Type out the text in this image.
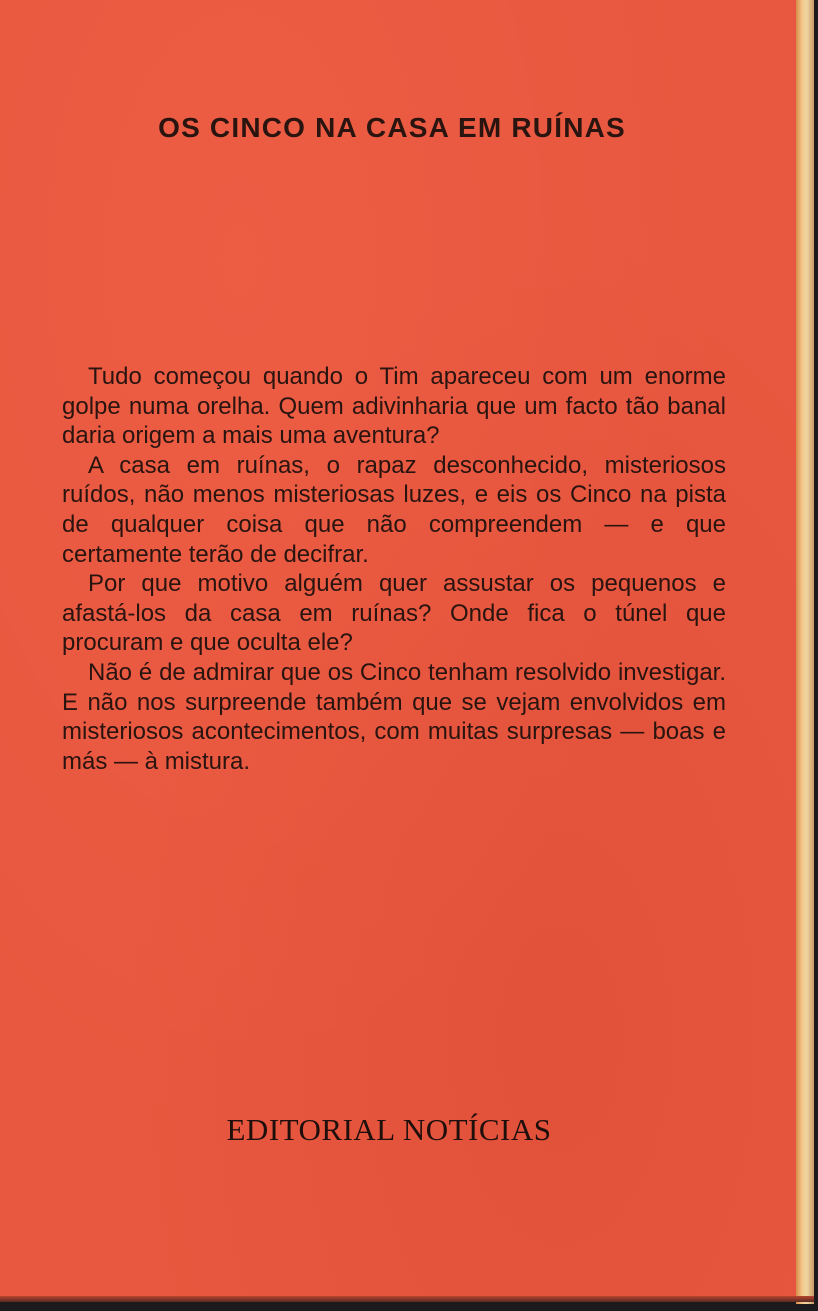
OS CINCO NA CASA EM RUÍNAS

Tudo começou quando o Tim apareceu com um enorme golpe numa orelha. Quem adivinharia que um facto tão banal daria origem a mais uma aventura?

A casa em ruínas, o rapaz desconhecido, misteriosos ruídos, não menos misteriosas luzes, e eis os Cinco na pista de qualquer coisa que não compreendem — e que certamente terão de decifrar.

Por que motivo alguém quer assustar os pequenos e afastá-los da casa em ruínas? Onde fica o túnel que procuram e que oculta ele?

Não é de admirar que os Cinco tenham resolvido investigar. E não nos surpreende também que se vejam envolvidos em misteriosos acontecimentos, com muitas surpresas — boas e más — à mistura.

EDITORIAL NOTÍCIAS
